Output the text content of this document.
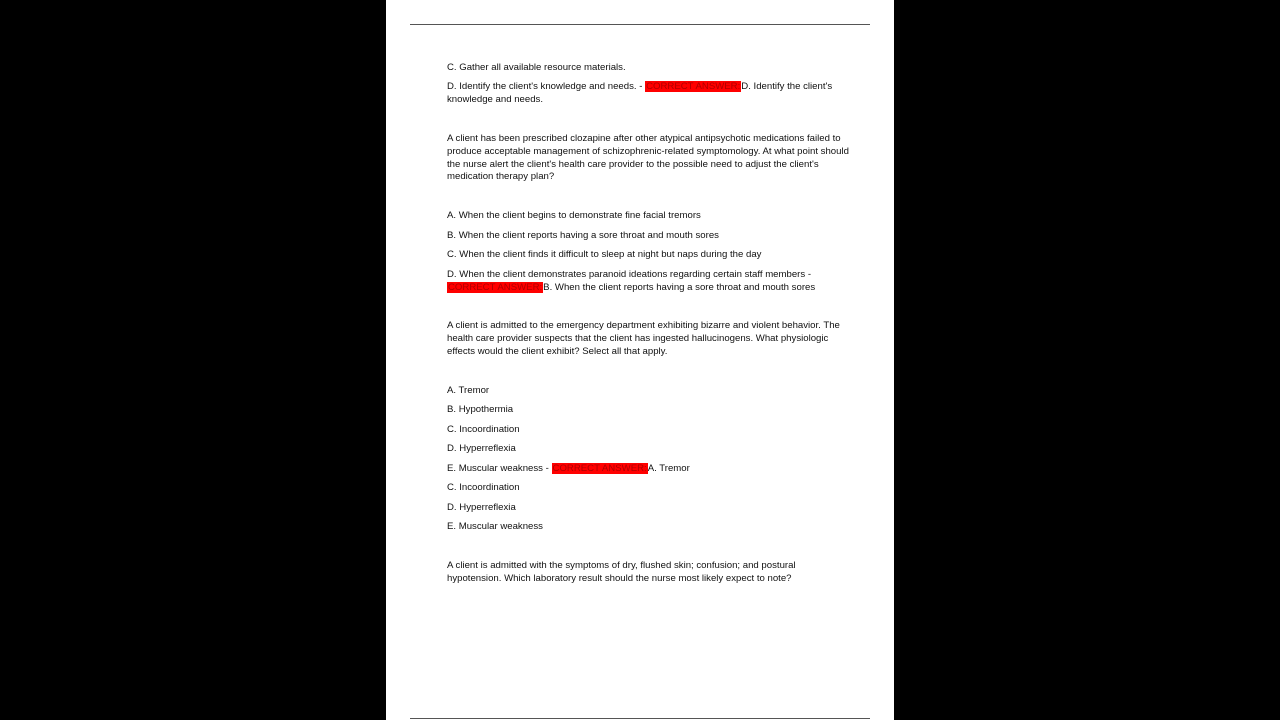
C. Gather all available resource materials.

D. Identify the client's knowledge and needs. - CORRECT ANSWER:D. Identify the client's knowledge and needs.

A client has been prescribed clozapine after other atypical antipsychotic medications failed to produce acceptable management of schizophrenic-related symptomology. At what point should the nurse alert the client's health care provider to the possible need to adjust the client's medication therapy plan?

A. When the client begins to demonstrate fine facial tremors

B. When the client reports having a sore throat and mouth sores

C. When the client finds it difficult to sleep at night but naps during the day

D. When the client demonstrates paranoid ideations regarding certain staff members - CORRECT ANSWER:B. When the client reports having a sore throat and mouth sores

A client is admitted to the emergency department exhibiting bizarre and violent behavior. The health care provider suspects that the client has ingested hallucinogens. What physiologic effects would the client exhibit? Select all that apply.

A. Tremor

B. Hypothermia

C. Incoordination

D. Hyperreflexia

E. Muscular weakness - CORRECT ANSWER:A. Tremor

C. Incoordination

D. Hyperreflexia

E. Muscular weakness

A client is admitted with the symptoms of dry, flushed skin; confusion; and postural hypotension. Which laboratory result should the nurse most likely expect to note?
